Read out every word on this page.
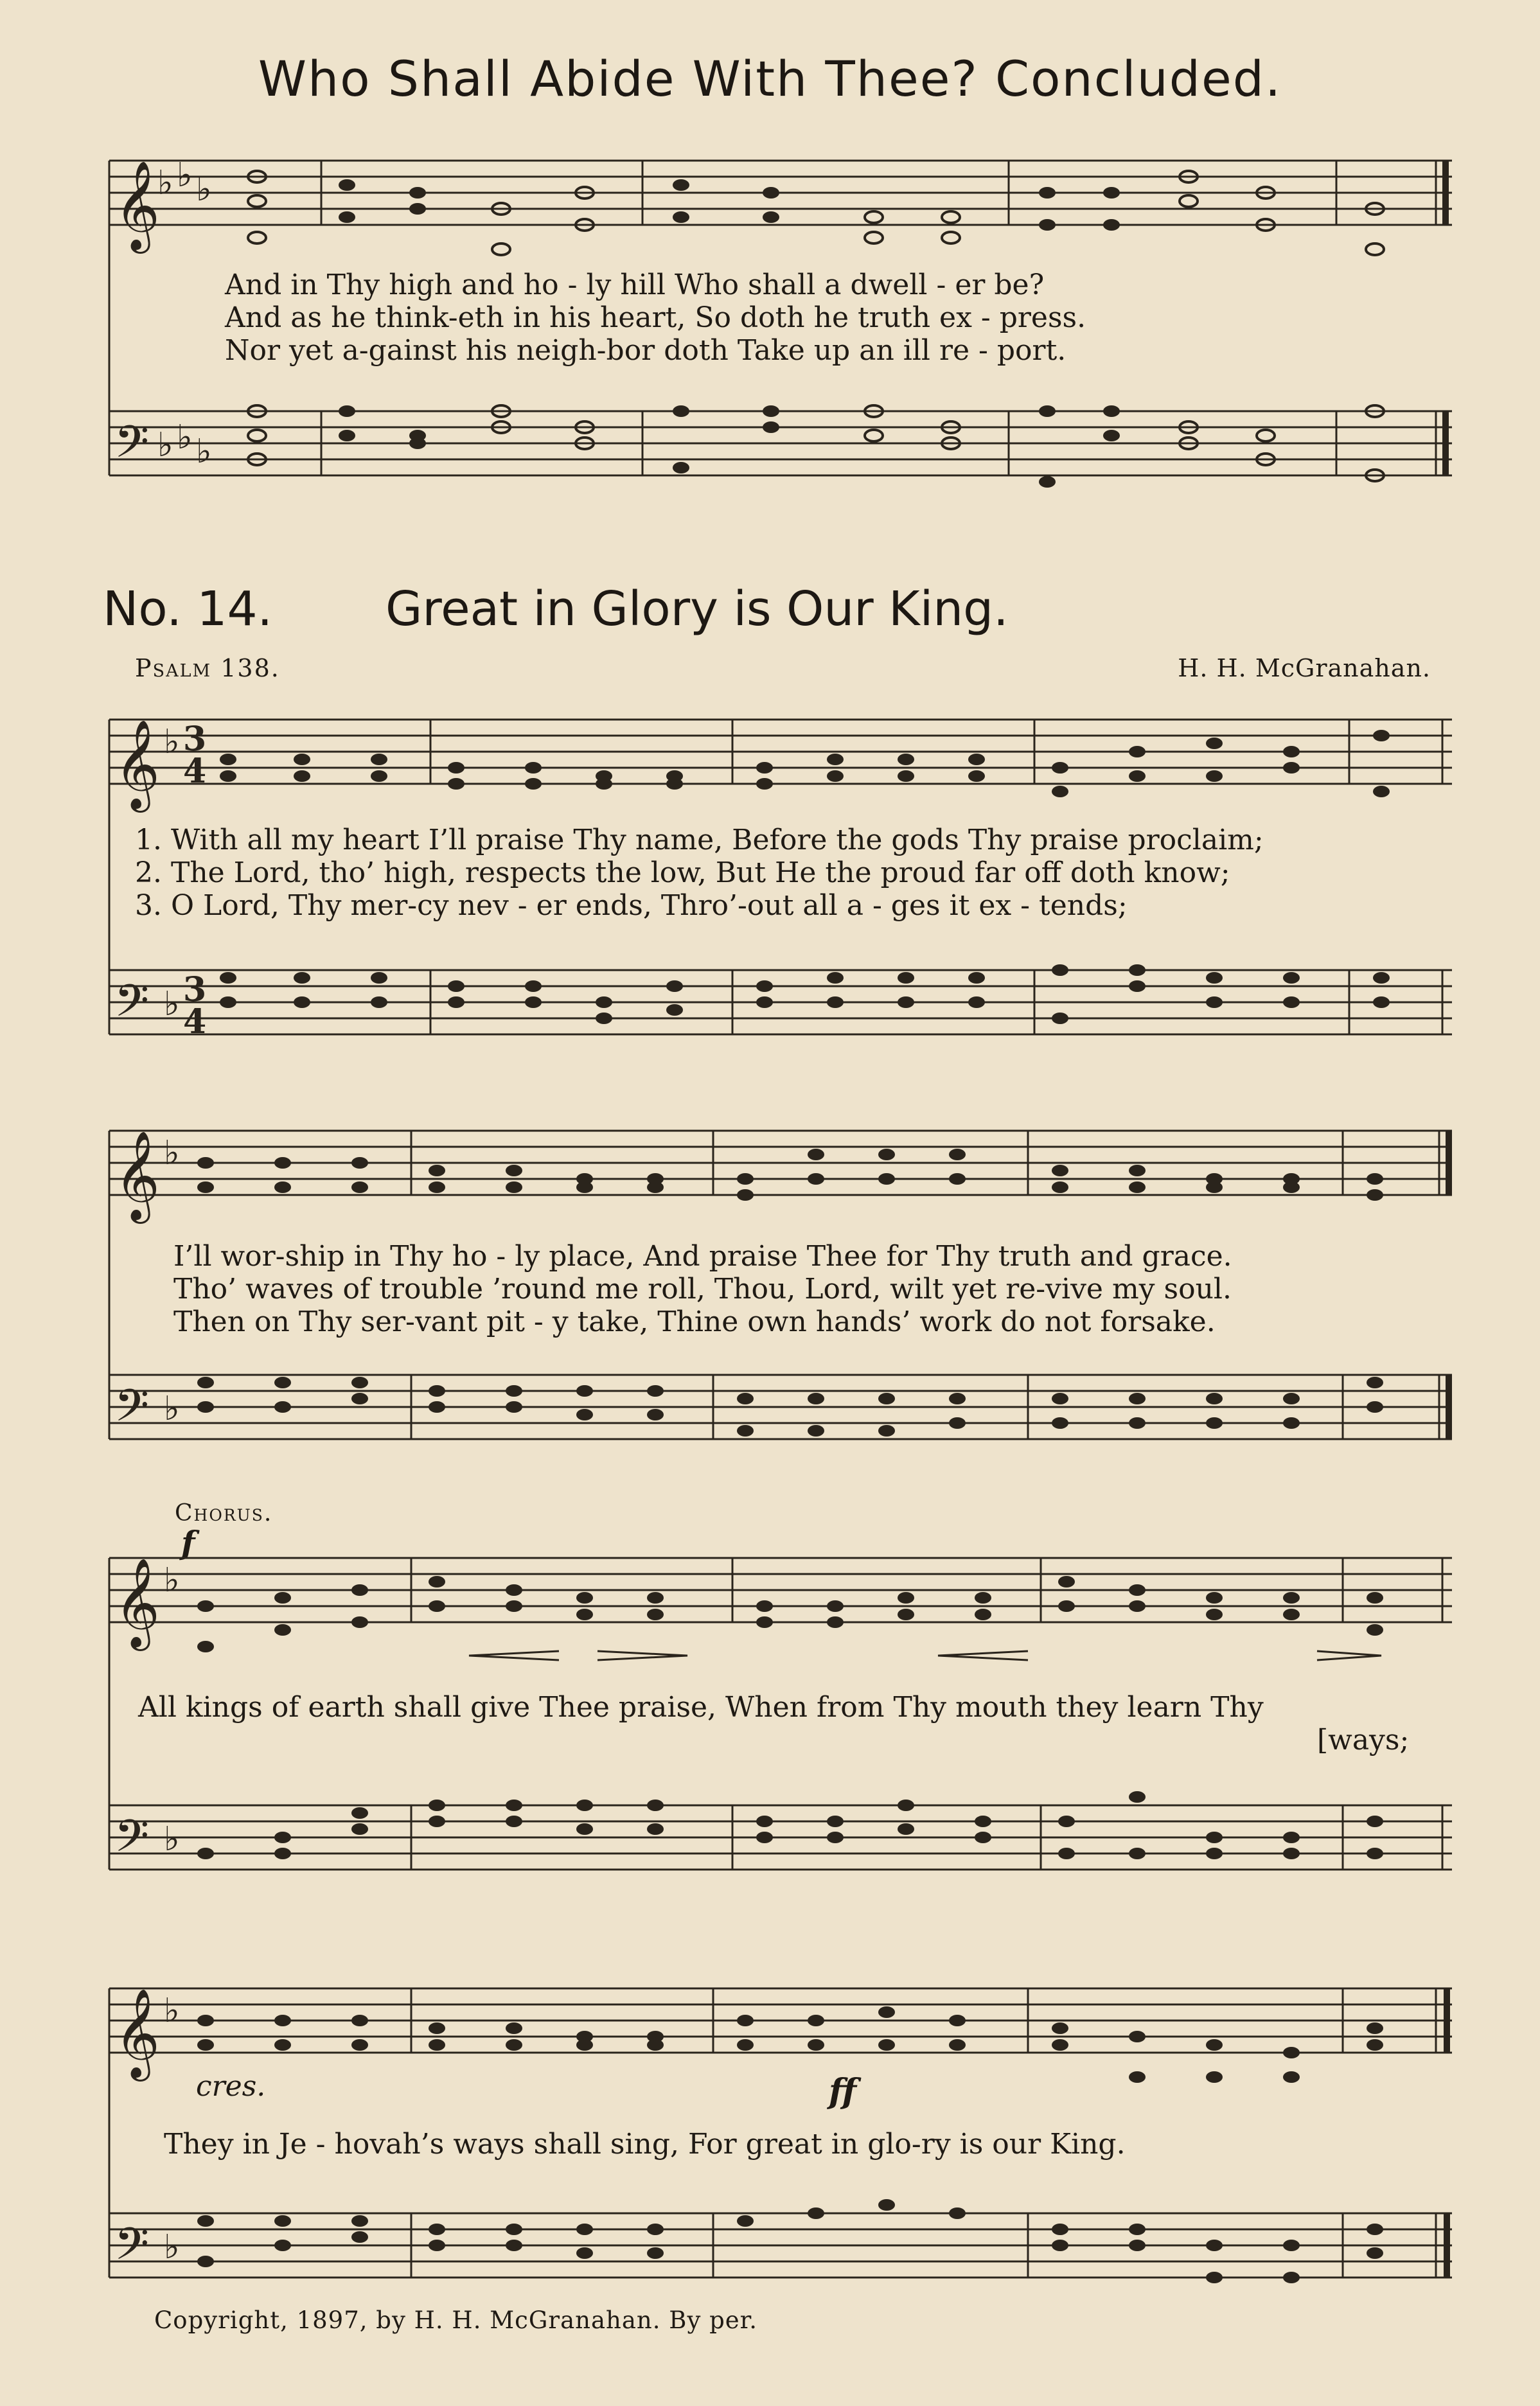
Who Shall Abide With Thee? Concluded.
𝄞
𝄢
♭ ♭ ♭
♭ ♭ ♭
And in Thy high and ho - ly hill Who shall a dwell - er be?
And as he think-eth in his heart, So doth he truth ex - press.
Nor yet a-gainst his neigh-bor doth Take up an ill re - port.
No. 14. Great in Glory is Our King.
Psalm 138.	H. H. McGranahan.
𝄞
𝄢
♭
♭
3
4
3
4
1. With all my heart I’ll praise Thy name, Before the gods Thy praise proclaim;
2. The Lord, tho’ high, respects the low, But He the proud far off doth know;
3. O Lord, Thy mer-cy nev - er ends, Thro’-out all a - ges it ex - tends;
𝄞
𝄢
♭
♭
I’ll wor-ship in Thy ho - ly place, And praise Thee for Thy truth and grace.
Tho’ waves of trouble ’round me roll, Thou, Lord, wilt yet re-vive my soul.
Then on Thy ser-vant pit - y take, Thine own hands’ work do not forsake.
Chorus.
f
𝄞
𝄢
♭
♭
All kings of earth shall give Thee praise, When from Thy mouth they learn Thy
[ways;
𝄞
𝄢
♭
♭
cres.	ff
They in Je - hovah’s ways shall sing, For great in glo-ry is our King.
Copyright, 1897, by H. H. McGranahan. By per.
